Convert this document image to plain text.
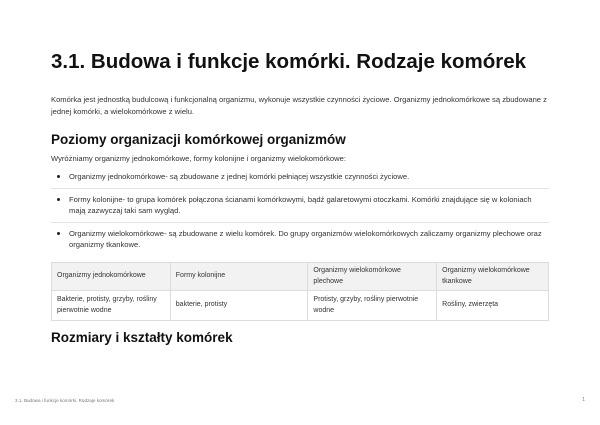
3.1. Budowa i funkcje komórki. Rodzaje komórek

Komórka jest jednostką budulcową i funkcjonalną organizmu, wykonuje wszystkie czynności życiowe. Organizmy jednokomórkowe są zbudowane z jednej komórki, a wielokomórkowe z wielu.

Poziomy organizacji komórkowej organizmów

Wyróżniamy organizmy jednokomórkowe, formy kolonijne i organizmy wielokomórkowe:

Organizmy jednokomórkowe- są zbudowane z jednej komórki pełniącej wszystkie czynności życiowe.
Formy kolonijne- to grupa komórek połączona ścianami komórkowymi, bądź galaretowymi otoczkami. Komórki znajdujące się w koloniach mają zazwyczaj taki sam wygląd.
Organizmy wielokomórkowe- są zbudowane z wielu komórek. Do grupy organizmów wielokomórkowych zaliczamy organizmy plechowe oraz organizmy tkankowe.
Organizmy jednokomórkowe	Formy kolonijne	Organizmy wielokomórkowe plechowe	Organizmy wielokomórkowe tkankowe
Bakterie, protisty, grzyby, rośliny pierwotnie wodne	bakterie, protisty	Protisty, grzyby, rośliny pierwotnie wodne	Rośliny, zwierzęta
Rozmiary i kształty komórek
3.1. Budowa i funkcje komórki. Rodzaje komórek	1
